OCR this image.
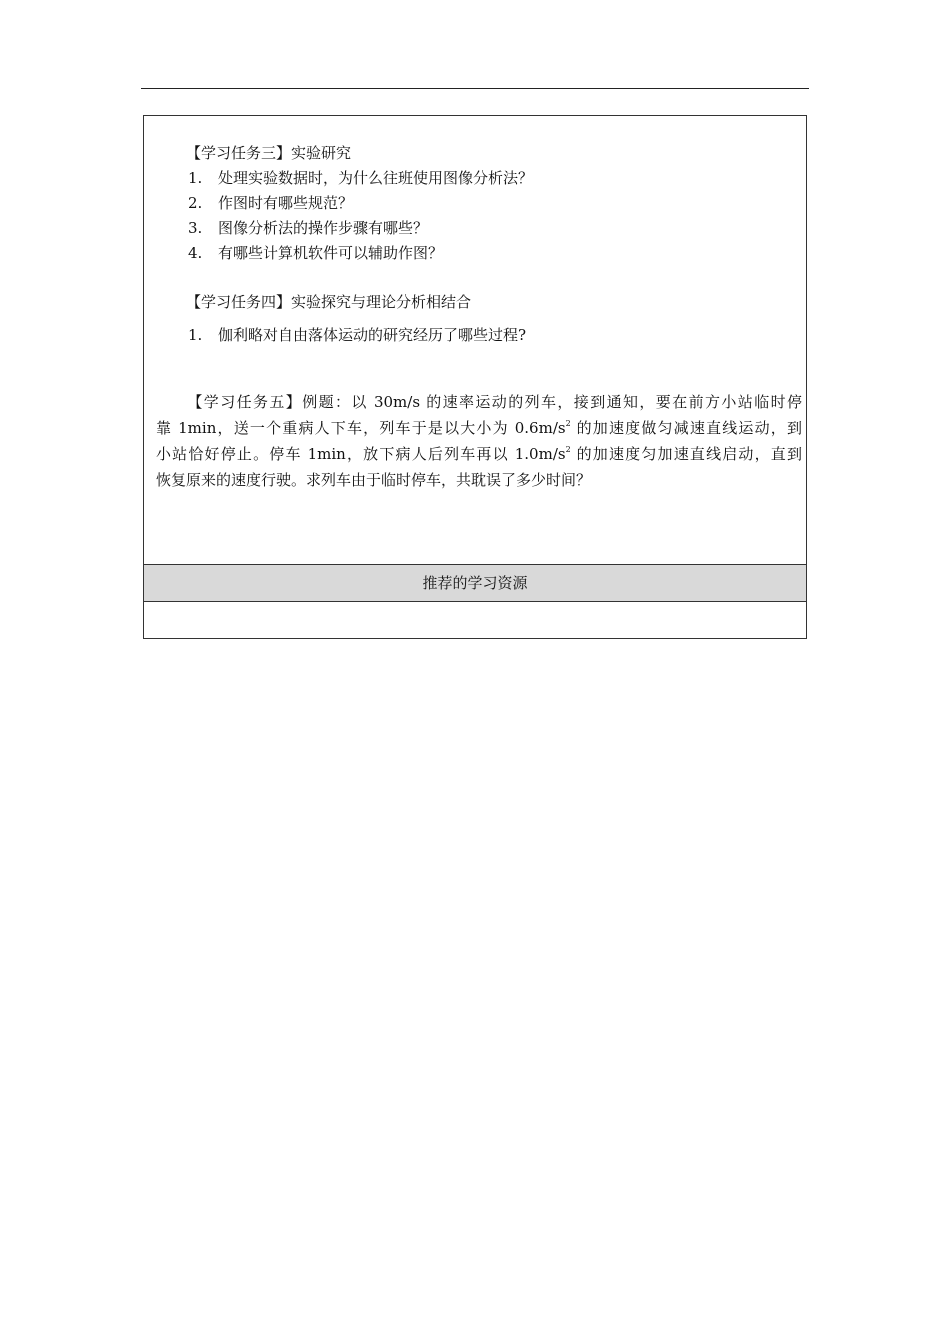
【学习任务三】实验研究
1. 处理实验数据时，为什么往班使用图像分析法？
2. 作图时有哪些规范？
3. 图像分析法的操作步骤有哪些？
4. 有哪些计算机软件可以辅助作图？
【学习任务四】实验探究与理论分析相结合
1. 伽利略对自由落体运动的研究经历了哪些过程?
【学习任务五】例题：以 30m/s 的速率运动的列车，接到通知，要在前方小站临时停
靠 1min，送一个重病人下车，列车于是以大小为 $0.6m/s^2$ 的加速度做匀减速直线运动，到
小站恰好停止。停车 1min，放下病人后列车再以 $1.0m/s^2$ 的加速度匀加速直线启动，直到
恢复原来的速度行驶。求列车由于临时停车，共耽误了多少时间？
推荐的学习资源
